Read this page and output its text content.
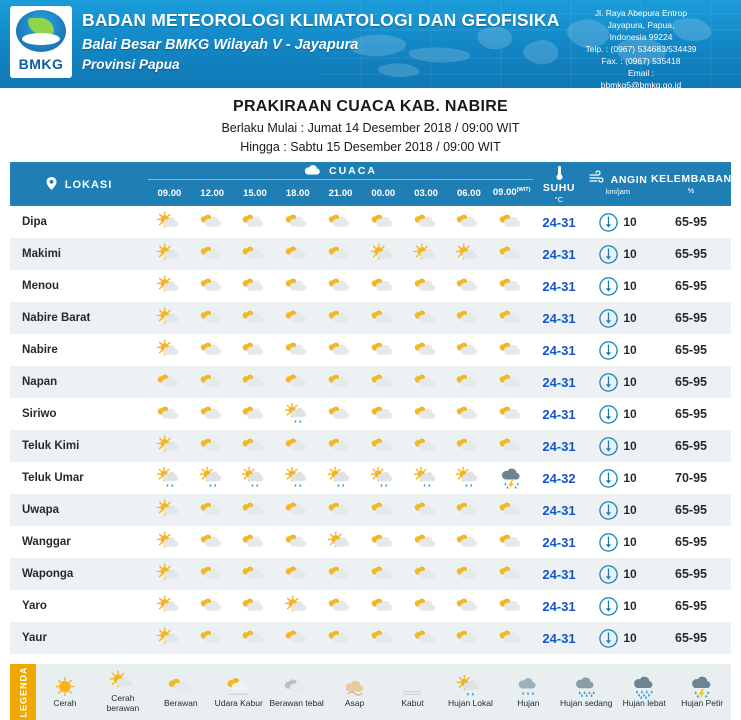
BMKG
BADAN METEOROLOGI KLIMATOLOGI DAN GEOFISIKA
Balai Besar BMKG Wilayah V - Jayapura
Provinsi Papua
Jl. Raya Abepura Entrop
Jayapura, Papua,
Indonesia 99224
Telp. : (0967) 534683/534439
Fax. : (0967) 535418
Email :
bbmkg5@bmkg.go.id
www.bmkg.go.id
PRAKIRAAN CUACA KAB. NABIRE
Berlaku Mulai : Jumat 14 Desember 2018 / 09:00 WIT
Hingga : Sabtu 15 Desember 2018 / 09:00 WIT
LOKASI	
CUACA
09.00	12.00	15.00	18.00	21.00	00.00	03.00	06.00	$09.00^{(WIT)}$	SUHU
°C
	ANGIN
km/jam
	KELEMBABAN
%

Dipa		24-31	10	65-95
Makimi		24-31	10	65-95
Menou		24-31	10	65-95
Nabire Barat		24-31	10	65-95
Nabire		24-31	10	65-95
Napan		24-31	10	65-95
Siriwo		24-31	10	65-95
Teluk Kimi		24-31	10	65-95
Teluk Umar		24-32	10	70-95
Uwapa		24-31	10	65-95
Wanggar		24-31	10	65-95
Waponga		24-31	10	65-95
Yaro		24-31	10	65-95
Yaur		24-31	10	65-95
LEGENDA	Cerah	Cerah berawan	Berawan Udara Kabur Berawan tebal Asap	Kabut	Hujan Lokal	Hujan Hujan sedang Hujan lebat Hujan Petir
